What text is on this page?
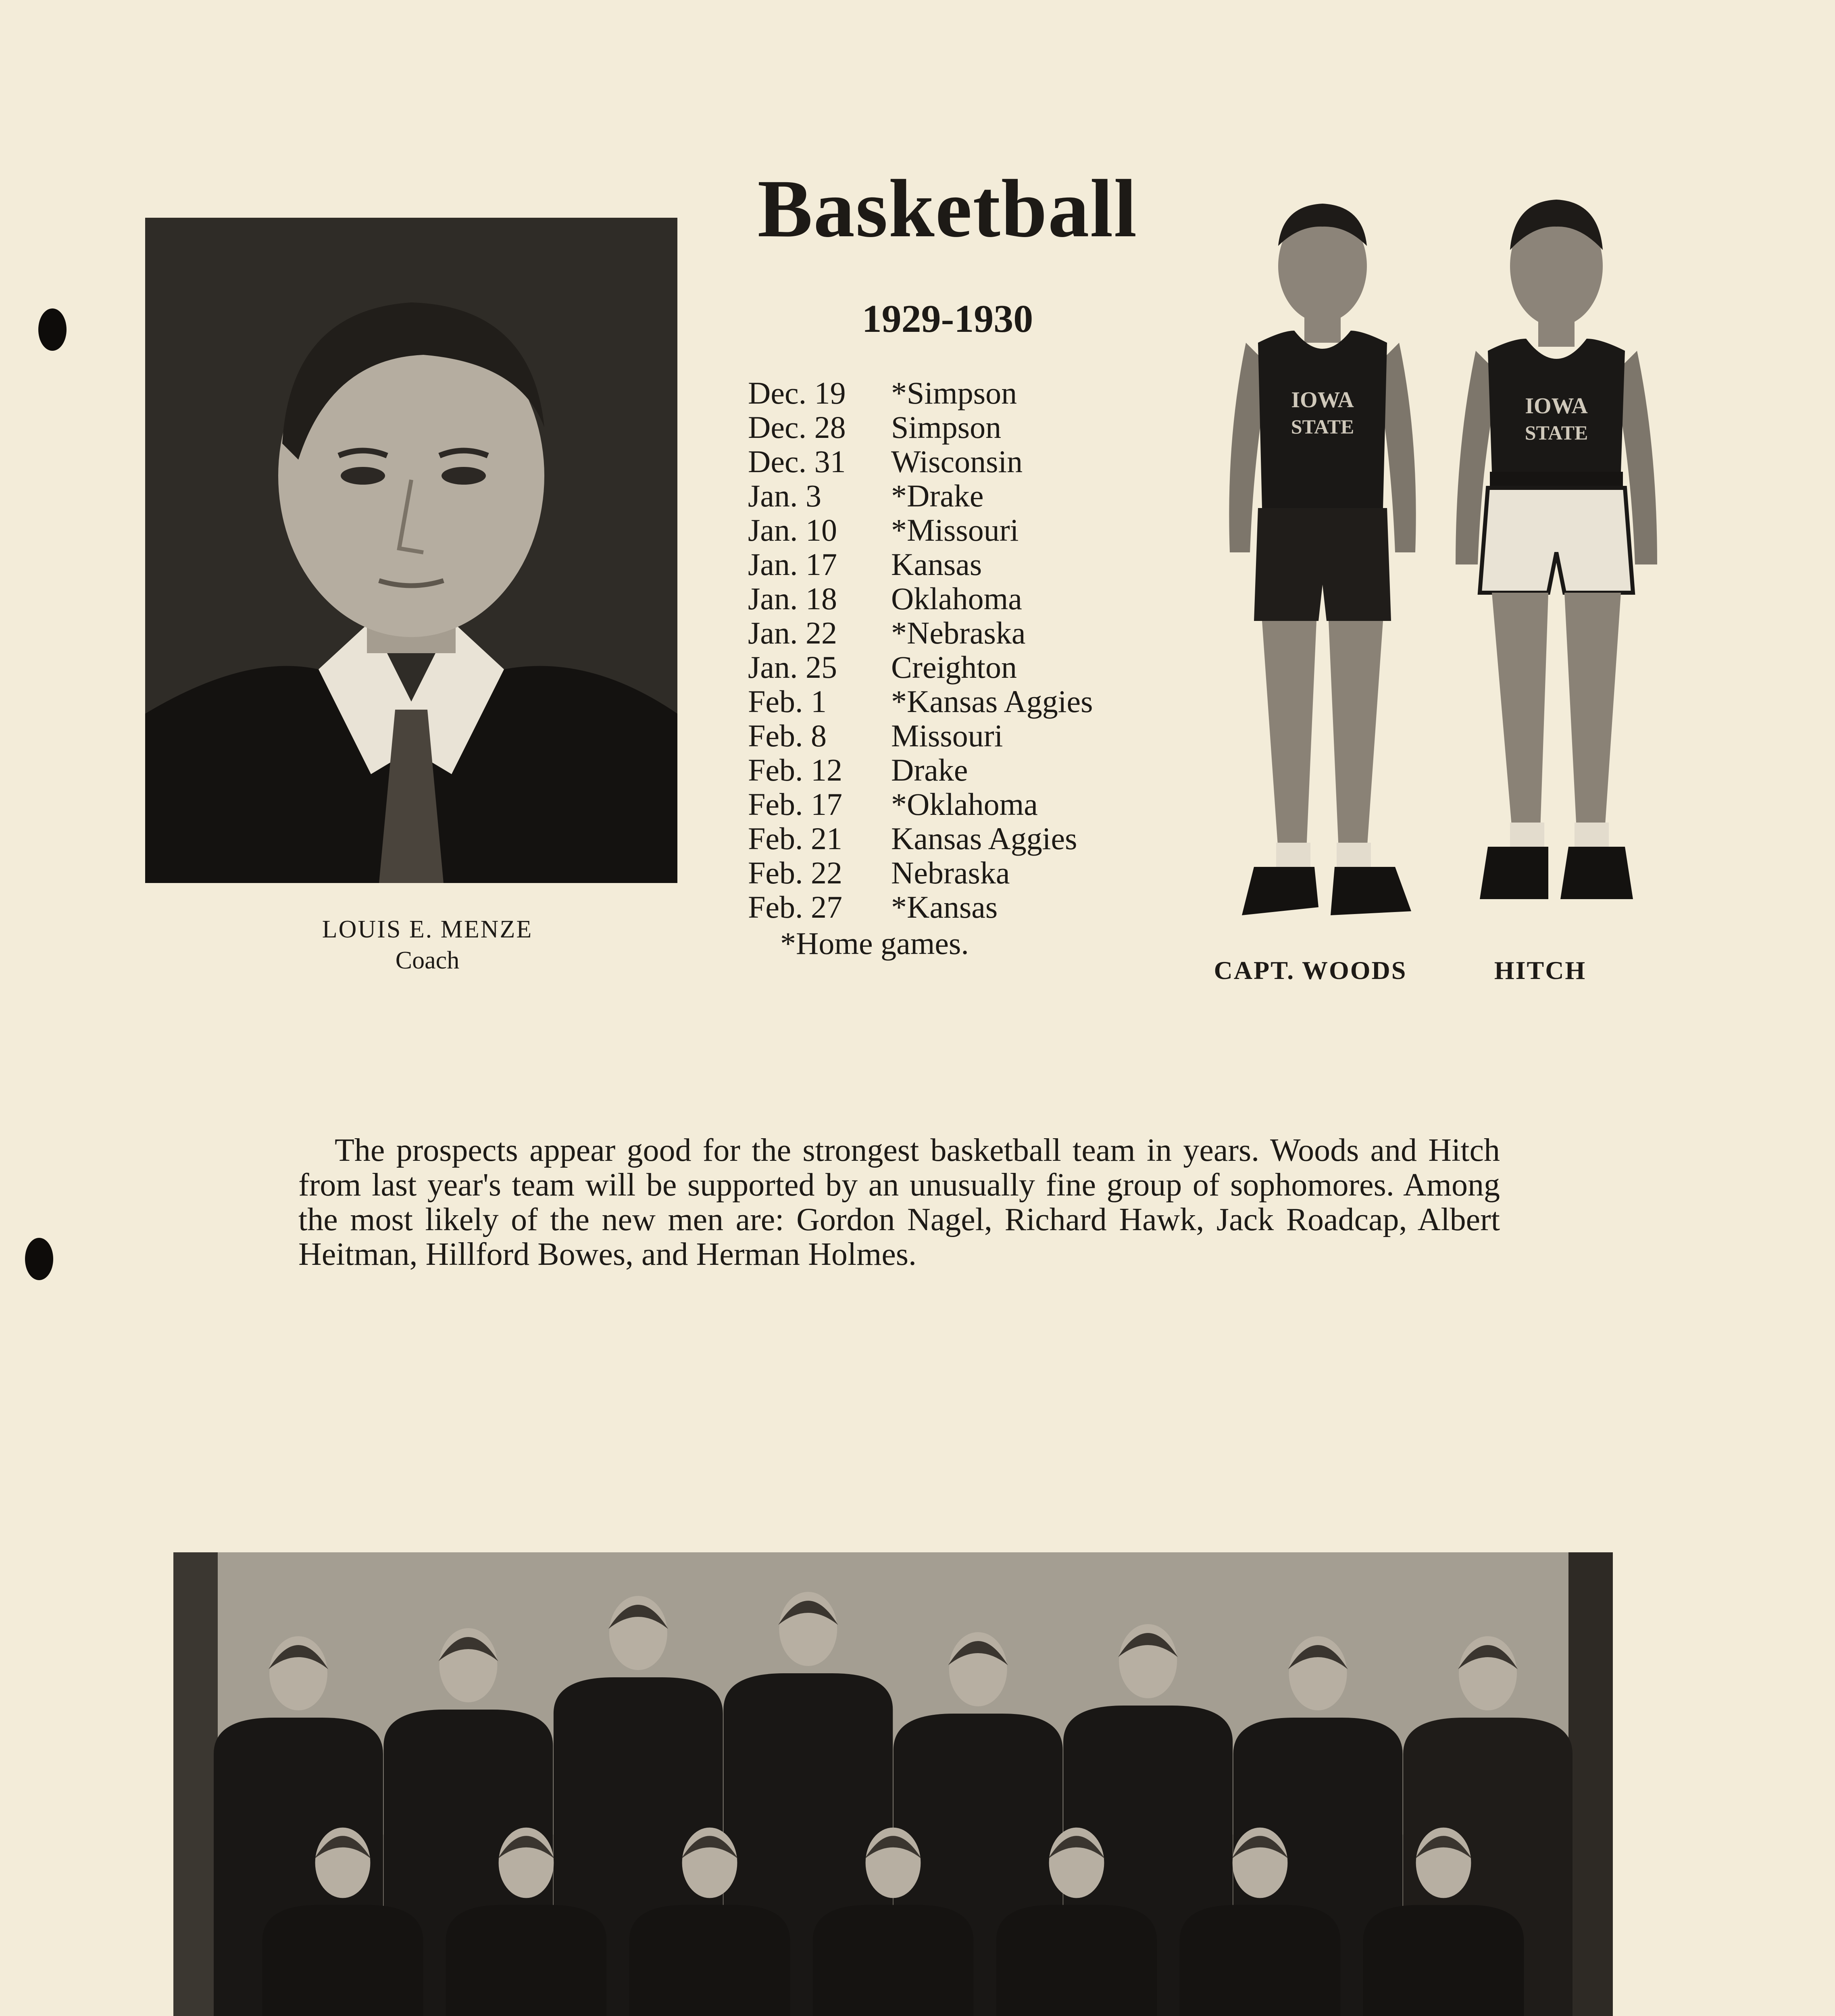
LOUIS E. MENZE
Coach
Basketball
1929-1930
Dec. 19 *Simpson
Dec. 28 Simpson
Dec. 31 Wisconsin
Jan. 3 *Drake
Jan. 10 *Missouri
Jan. 17 Kansas
Jan. 18 Oklahoma
Jan. 22 *Nebraska
Jan. 25 Creighton
Feb. 1 *Kansas Aggies
Feb. 8 Missouri
Feb. 12 Drake
Feb. 17 *Oklahoma
Feb. 21 Kansas Aggies
Feb. 22 Nebraska
Feb. 27 *Kansas
*Home games.
IOWA
STATE
IOWA
STATE
CAPT. WOODS	HITCH
The prospects appear good for the strongest basketball team in years. Woods and Hitch from last year's team will be supported by an unusually fine group of sophomores. Among the most likely of the new men are: Gordon Nagel, Richard Hawk, Jack Roadcap, Albert Heitman, Hillford Bowes, and Herman Holmes.
